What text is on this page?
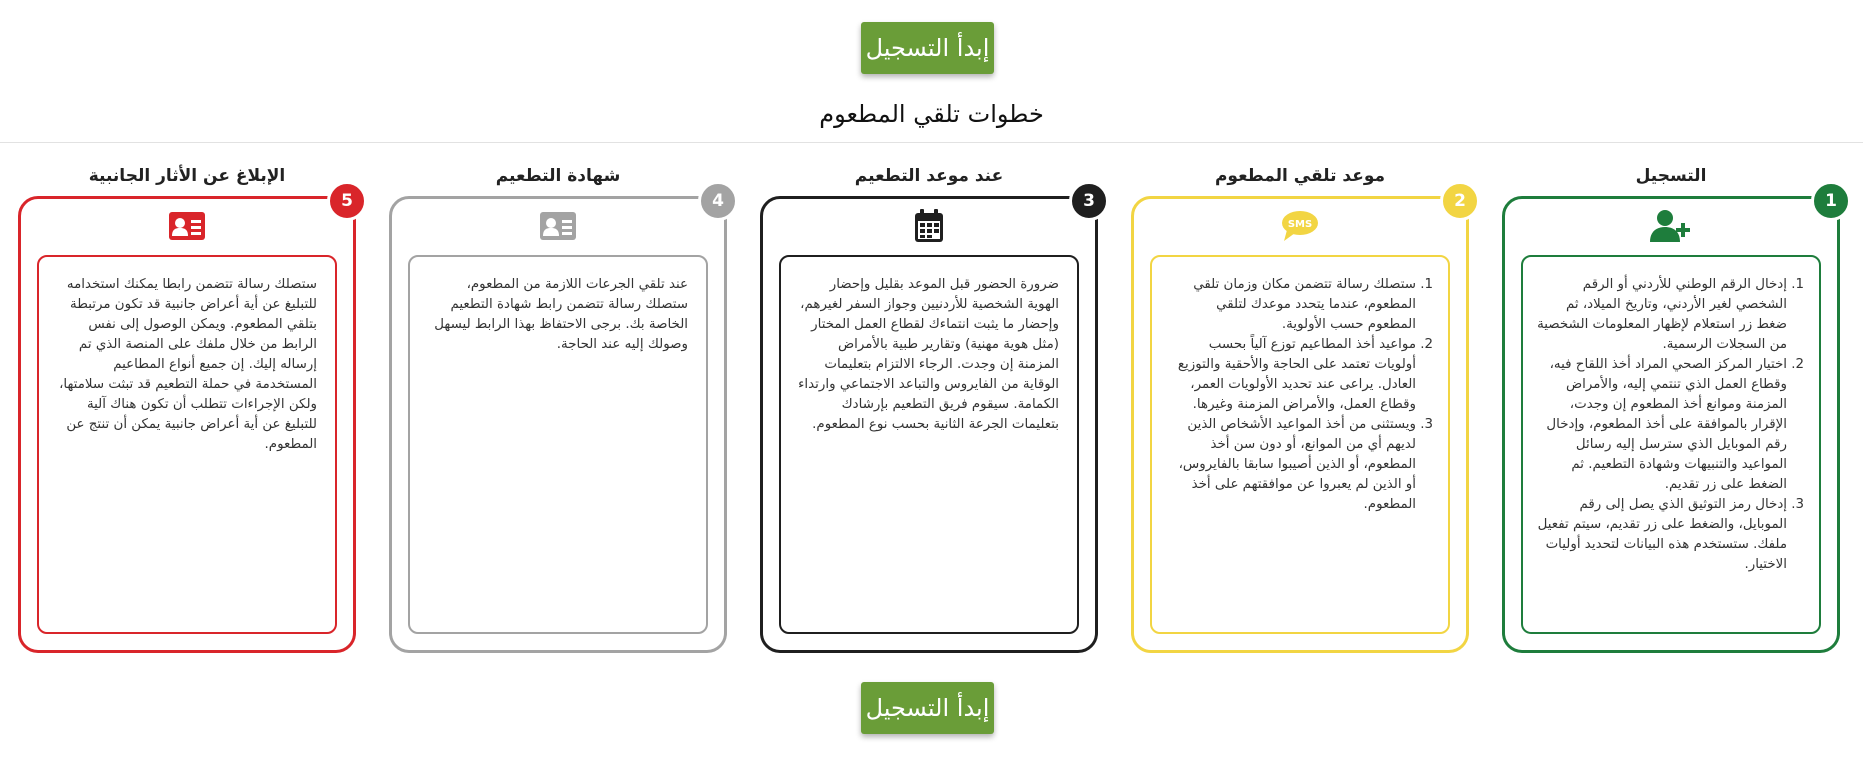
إبدأ التسجيل
خطوات تلقي المطعوم
التسجيل
1
1. إدخال الرقم الوطني للأردني أو الرقم الشخصي لغير الأردني، وتاريخ الميلاد، ثم ضغط زر استعلام لإظهار المعلومات الشخصية من السجلات الرسمية.
2. اختيار المركز الصحي المراد أخذ اللقاح فيه، وقطاع العمل الذي تنتمي إليه، والأمراض المزمنة وموانع أخذ المطعوم إن وجدت، الإقرار بالموافقة على أخذ المطعوم، وإدخال رقم الموبايل الذي سترسل إليه رسائل المواعيد والتنبيهات وشهادة التطعيم. ثم الضغط على زر تقديم.
3. إدخال رمز التوثيق الذي يصل إلى رقم الموبايل، والضغط على زر تقديم، سيتم تفعيل ملفك. ستستخدم هذه البيانات لتحديد أوليات الاختيار.
موعد تلقي المطعوم
2
SMS
1. ستصلك رسالة تتضمن مكان وزمان تلقي المطعوم، عندما يتحدد موعدك لتلقي المطعوم حسب الأولوية.
2. مواعيد أخذ المطاعيم توزع آلياً بحسب أولويات تعتمد على الحاجة والأحقية والتوزيع العادل. يراعى عند تحديد الأولويات العمر، وقطاع العمل، والأمراض المزمنة وغيرها.
3. ويستثنى من أخذ المواعيد الأشخاص الذين لديهم أي من الموانع، أو دون سن أخذ المطعوم، أو الذين أصيبوا سابقا بالفايروس، أو الذين لم يعبروا عن موافقتهم على أخذ المطعوم.
عند موعد التطعيم
3

ضرورة الحضور قبل الموعد بقليل وإحضار الهوية الشخصية للأردنيين وجواز السفر لغيرهم، وإحضار ما يثبت انتماءك لقطاع العمل المختار (مثل هوية مهنية) وتقارير طبية بالأمراض المزمنة إن وجدت. الرجاء الالتزام بتعليمات الوقاية من الفايروس والتباعد الاجتماعي وارتداء الكمامة. سيقوم فريق التطعيم بإرشادك بتعليمات الجرعة الثانية بحسب نوع المطعوم.

شهادة التطعيم
4

عند تلقي الجرعات اللازمة من المطعوم، ستصلك رسالة تتضمن رابط شهادة التطعيم الخاصة بك. برجى الاحتفاظ بهذا الرابط ليسهل وصولك إليه عند الحاجة.

الإبلاغ عن الأثار الجانبية
5

ستصلك رسالة تتضمن رابطا يمكنك استخدامه للتبليغ عن أية أعراض جانبية قد تكون مرتبطة بتلقي المطعوم. ويمكن الوصول إلى نفس الرابط من خلال ملفك على المنصة الذي تم إرساله إليك. إن جميع أنواع المطاعيم المستخدمة في حملة التطعيم قد تبثت سلامتها، ولكن الإجراءات تتطلب أن تكون هناك آلية للتبليغ عن أية أعراض جانبية يمكن أن تنتج عن المطعوم.

إبدأ التسجيل
